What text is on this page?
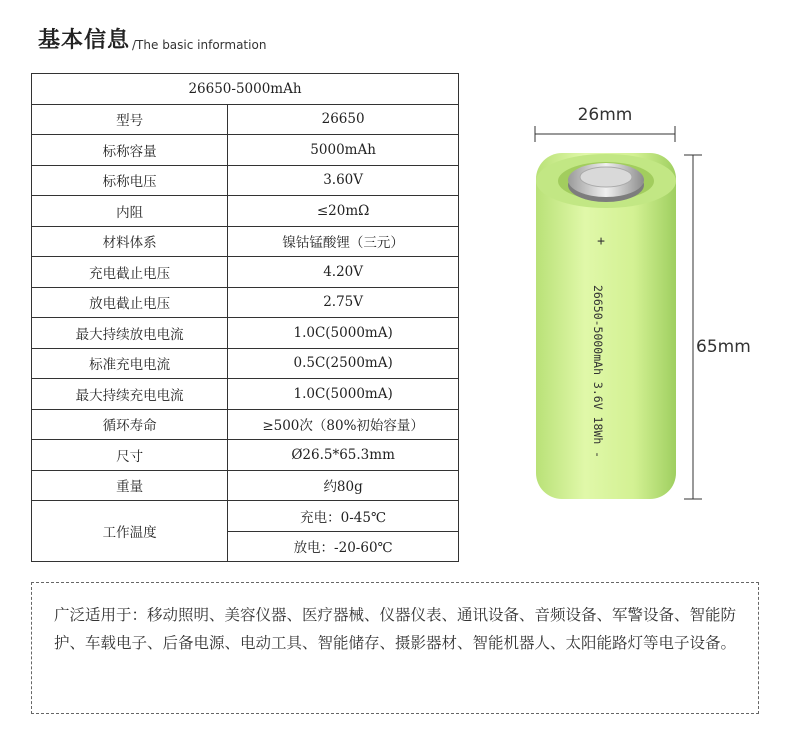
基本信息 /The basic information
26650-5000mAh	
型号	26650
标称容量	5000mAh
标称电压	3.60V
内阻	≤20mΩ
材料体系	镍钴锰酸锂（三元）
充电截止电压	4.20V
放电截止电压	2.75V
最大持续放电电流	1.0C(5000mA)
标准充电电流	0.5C(2500mA)
最大持续充电电流	1.0C(5000mA)
循环寿命	≥500次（80%初始容量）
尺寸	Ø26.5*65.3mm
重量	约80g
工作温度	充电：0-45℃
	放电：-20-60℃
26mm
65mm
+
26650-5000mAh 3.6V 18Wh -
广泛适用于：移动照明、美容仪器、医疗器械、仪器仪表、通讯设备、音频设备、军警设备、智能防护、车载电子、后备电源、电动工具、智能储存、摄影器材、智能机器人、太阳能路灯等电子设备。
